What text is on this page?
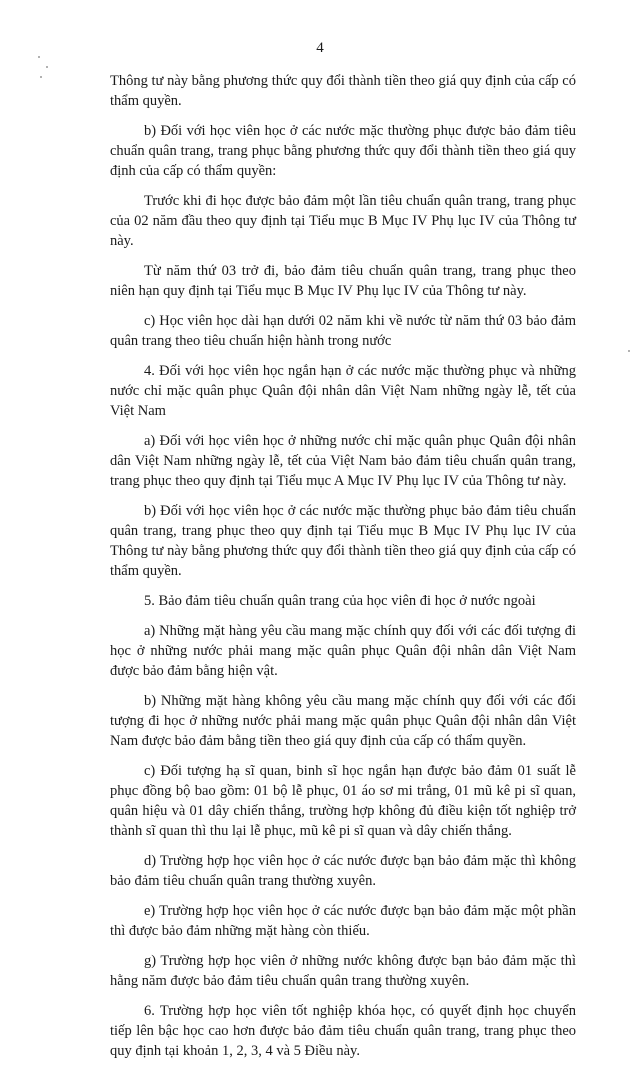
4

Thông tư này bằng phương thức quy đổi thành tiền theo giá quy định của cấp có thẩm quyền.

b) Đối với học viên học ở các nước mặc thường phục được bảo đảm tiêu chuẩn quân trang, trang phục bằng phương thức quy đổi thành tiền theo giá quy định của cấp có thẩm quyền:

Trước khi đi học được bảo đảm một lần tiêu chuẩn quân trang, trang phục của 02 năm đầu theo quy định tại Tiểu mục B Mục IV Phụ lục IV của Thông tư này.

Từ năm thứ 03 trở đi, bảo đảm tiêu chuẩn quân trang, trang phục theo niên hạn quy định tại Tiểu mục B Mục IV Phụ lục IV của Thông tư này.

c) Học viên học dài hạn dưới 02 năm khi về nước từ năm thứ 03 bảo đảm quân trang theo tiêu chuẩn hiện hành trong nước

4. Đối với học viên học ngắn hạn ở các nước mặc thường phục và những nước chỉ mặc quân phục Quân đội nhân dân Việt Nam những ngày lễ, tết của Việt Nam

a) Đối với học viên học ở những nước chỉ mặc quân phục Quân đội nhân dân Việt Nam những ngày lễ, tết của Việt Nam bảo đảm tiêu chuẩn quân trang, trang phục theo quy định tại Tiểu mục A Mục IV Phụ lục IV của Thông tư này.

b) Đối với học viên học ở các nước mặc thường phục bảo đảm tiêu chuẩn quân trang, trang phục theo quy định tại Tiểu mục B Mục IV Phụ lục IV của Thông tư này bằng phương thức quy đổi thành tiền theo giá quy định của cấp có thẩm quyền.

5. Bảo đảm tiêu chuẩn quân trang của học viên đi học ở nước ngoài

a) Những mặt hàng yêu cầu mang mặc chính quy đối với các đối tượng đi học ở những nước phải mang mặc quân phục Quân đội nhân dân Việt Nam được bảo đảm bằng hiện vật.

b) Những mặt hàng không yêu cầu mang mặc chính quy đối với các đối tượng đi học ở những nước phải mang mặc quân phục Quân đội nhân dân Việt Nam được bảo đảm bằng tiền theo giá quy định của cấp có thẩm quyền.

c) Đối tượng hạ sĩ quan, binh sĩ học ngắn hạn được bảo đảm 01 suất lễ phục đồng bộ bao gồm: 01 bộ lễ phục, 01 áo sơ mi trắng, 01 mũ kê pi sĩ quan, quân hiệu và 01 dây chiến thắng, trường hợp không đủ điều kiện tốt nghiệp trở thành sĩ quan thì thu lại lễ phục, mũ kê pi sĩ quan và dây chiến thắng.

d) Trường hợp học viên học ở các nước được bạn bảo đảm mặc thì không bảo đảm tiêu chuẩn quân trang thường xuyên.

e) Trường hợp học viên học ở các nước được bạn bảo đảm mặc một phần thì được bảo đảm những mặt hàng còn thiếu.

g) Trường hợp học viên ở những nước không được bạn bảo đảm mặc thì hằng năm được bảo đảm tiêu chuẩn quân trang thường xuyên.

6. Trường hợp học viên tốt nghiệp khóa học, có quyết định học chuyển tiếp lên bậc học cao hơn được bảo đảm tiêu chuẩn quân trang, trang phục theo quy định tại khoản 1, 2, 3, 4 và 5 Điều này.
